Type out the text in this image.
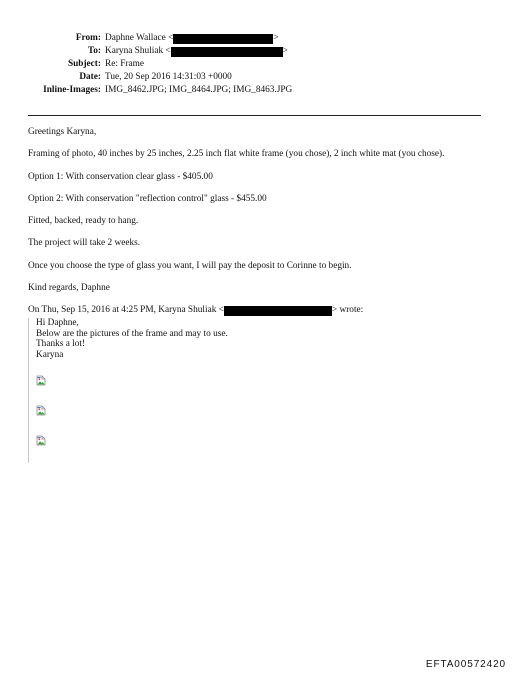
From: Daphne Wallace <	>
To: Karyna Shuliak <	>
Subject: Re: Frame
Date: Tue, 20 Sep 2016 14:31:03 +0000
Inline-Images: IMG_8462.JPG; IMG_8464.JPG; IMG_8463.JPG
Greetings Karyna,
Framing of photo, 40 inches by 25 inches, 2.25 inch flat white frame (you chose), 2 inch white mat (you chose).
Option 1: With conservation clear glass - $405.00
Option 2: With conservation "reflection control" glass - $455.00
Fitted, backed, ready to hang.
The project will take 2 weeks.
Once you choose the type of glass you want, I will pay the deposit to Corinne to begin.
Kind regards, Daphne
On Thu, Sep 15, 2016 at 4:25 PM, Karyna Shuliak <	> wrote:
Hi Daphne,
Below are the pictures of the frame and may to use.
Thanks a lot!
Karyna
EFTA00572420
